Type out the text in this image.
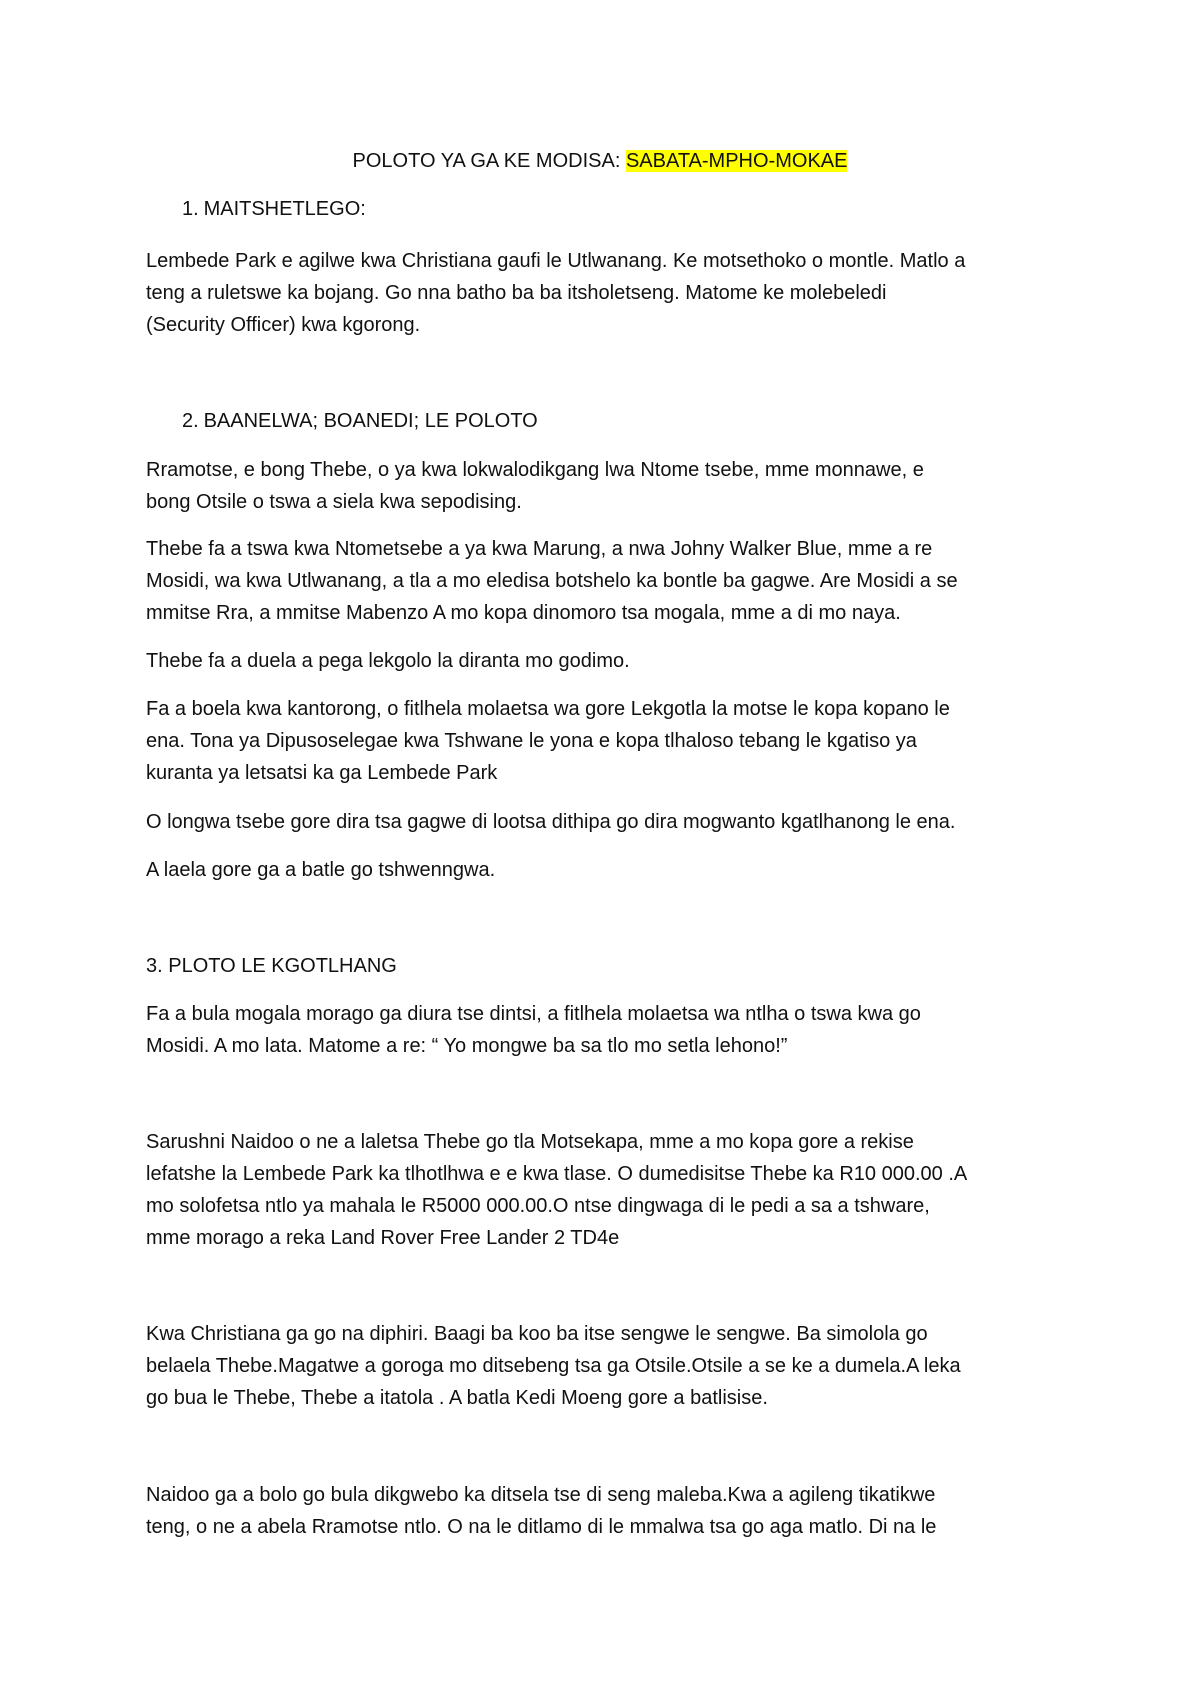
POLOTO YA GA KE MODISA: SABATA-MPHO-MOKAE
1. MAITSHETLEGO:

Lembede Park e agilwe kwa Christiana gaufi le Utlwanang. Ke motsethoko o montle. Matlo a
teng a ruletswe ka bojang. Go nna batho ba ba itsholetseng. Matome ke molebeledi
(Security Officer) kwa kgorong.

2. BAANELWA; BOANEDI; LE POLOTO

Rramotse, e bong Thebe, o ya kwa lokwalodikgang lwa Ntome tsebe, mme monnawe, e
bong Otsile o tswa a siela kwa sepodising.

Thebe fa a tswa kwa Ntometsebe a ya kwa Marung, a nwa Johny Walker Blue, mme a re
Mosidi, wa kwa Utlwanang, a tla a mo eledisa botshelo ka bontle ba gagwe. Are Mosidi a se
mmitse Rra, a mmitse Mabenzo A mo kopa dinomoro tsa mogala, mme a di mo naya.

Thebe fa a duela a pega lekgolo la diranta mo godimo.

Fa a boela kwa kantorong, o fitlhela molaetsa wa gore Lekgotla la motse le kopa kopano le
ena. Tona ya Dipusoselegae kwa Tshwane le yona e kopa tlhaloso tebang le kgatiso ya
kuranta ya letsatsi ka ga Lembede Park

O longwa tsebe gore dira tsa gagwe di lootsa dithipa go dira mogwanto kgatlhanong le ena.

A laela gore ga a batle go tshwenngwa.

3. PLOTO LE KGOTLHANG

Fa a bula mogala morago ga diura tse dintsi, a fitlhela molaetsa wa ntlha o tswa kwa go
Mosidi. A mo lata. Matome a re: “ Yo mongwe ba sa tlo mo setla lehono!”

Sarushni Naidoo o ne a laletsa Thebe go tla Motsekapa, mme a mo kopa gore a rekise
lefatshe la Lembede Park ka tlhotlhwa e e kwa tlase. O dumedisitse Thebe ka R10 000.00 .A
mo solofetsa ntlo ya mahala le R5000 000.00.O ntse dingwaga di le pedi a sa a tshware,
mme morago a reka Land Rover Free Lander 2 TD4e

Kwa Christiana ga go na diphiri. Baagi ba koo ba itse sengwe le sengwe. Ba simolola go
belaela Thebe.Magatwe a goroga mo ditsebeng tsa ga Otsile.Otsile a se ke a dumela.A leka
go bua le Thebe, Thebe a itatola . A batla Kedi Moeng gore a batlisise.

Naidoo ga a bolo go bula dikgwebo ka ditsela tse di seng maleba.Kwa a agileng tikatikwe
teng, o ne a abela Rramotse ntlo. O na le ditlamo di le mmalwa tsa go aga matlo. Di na le
